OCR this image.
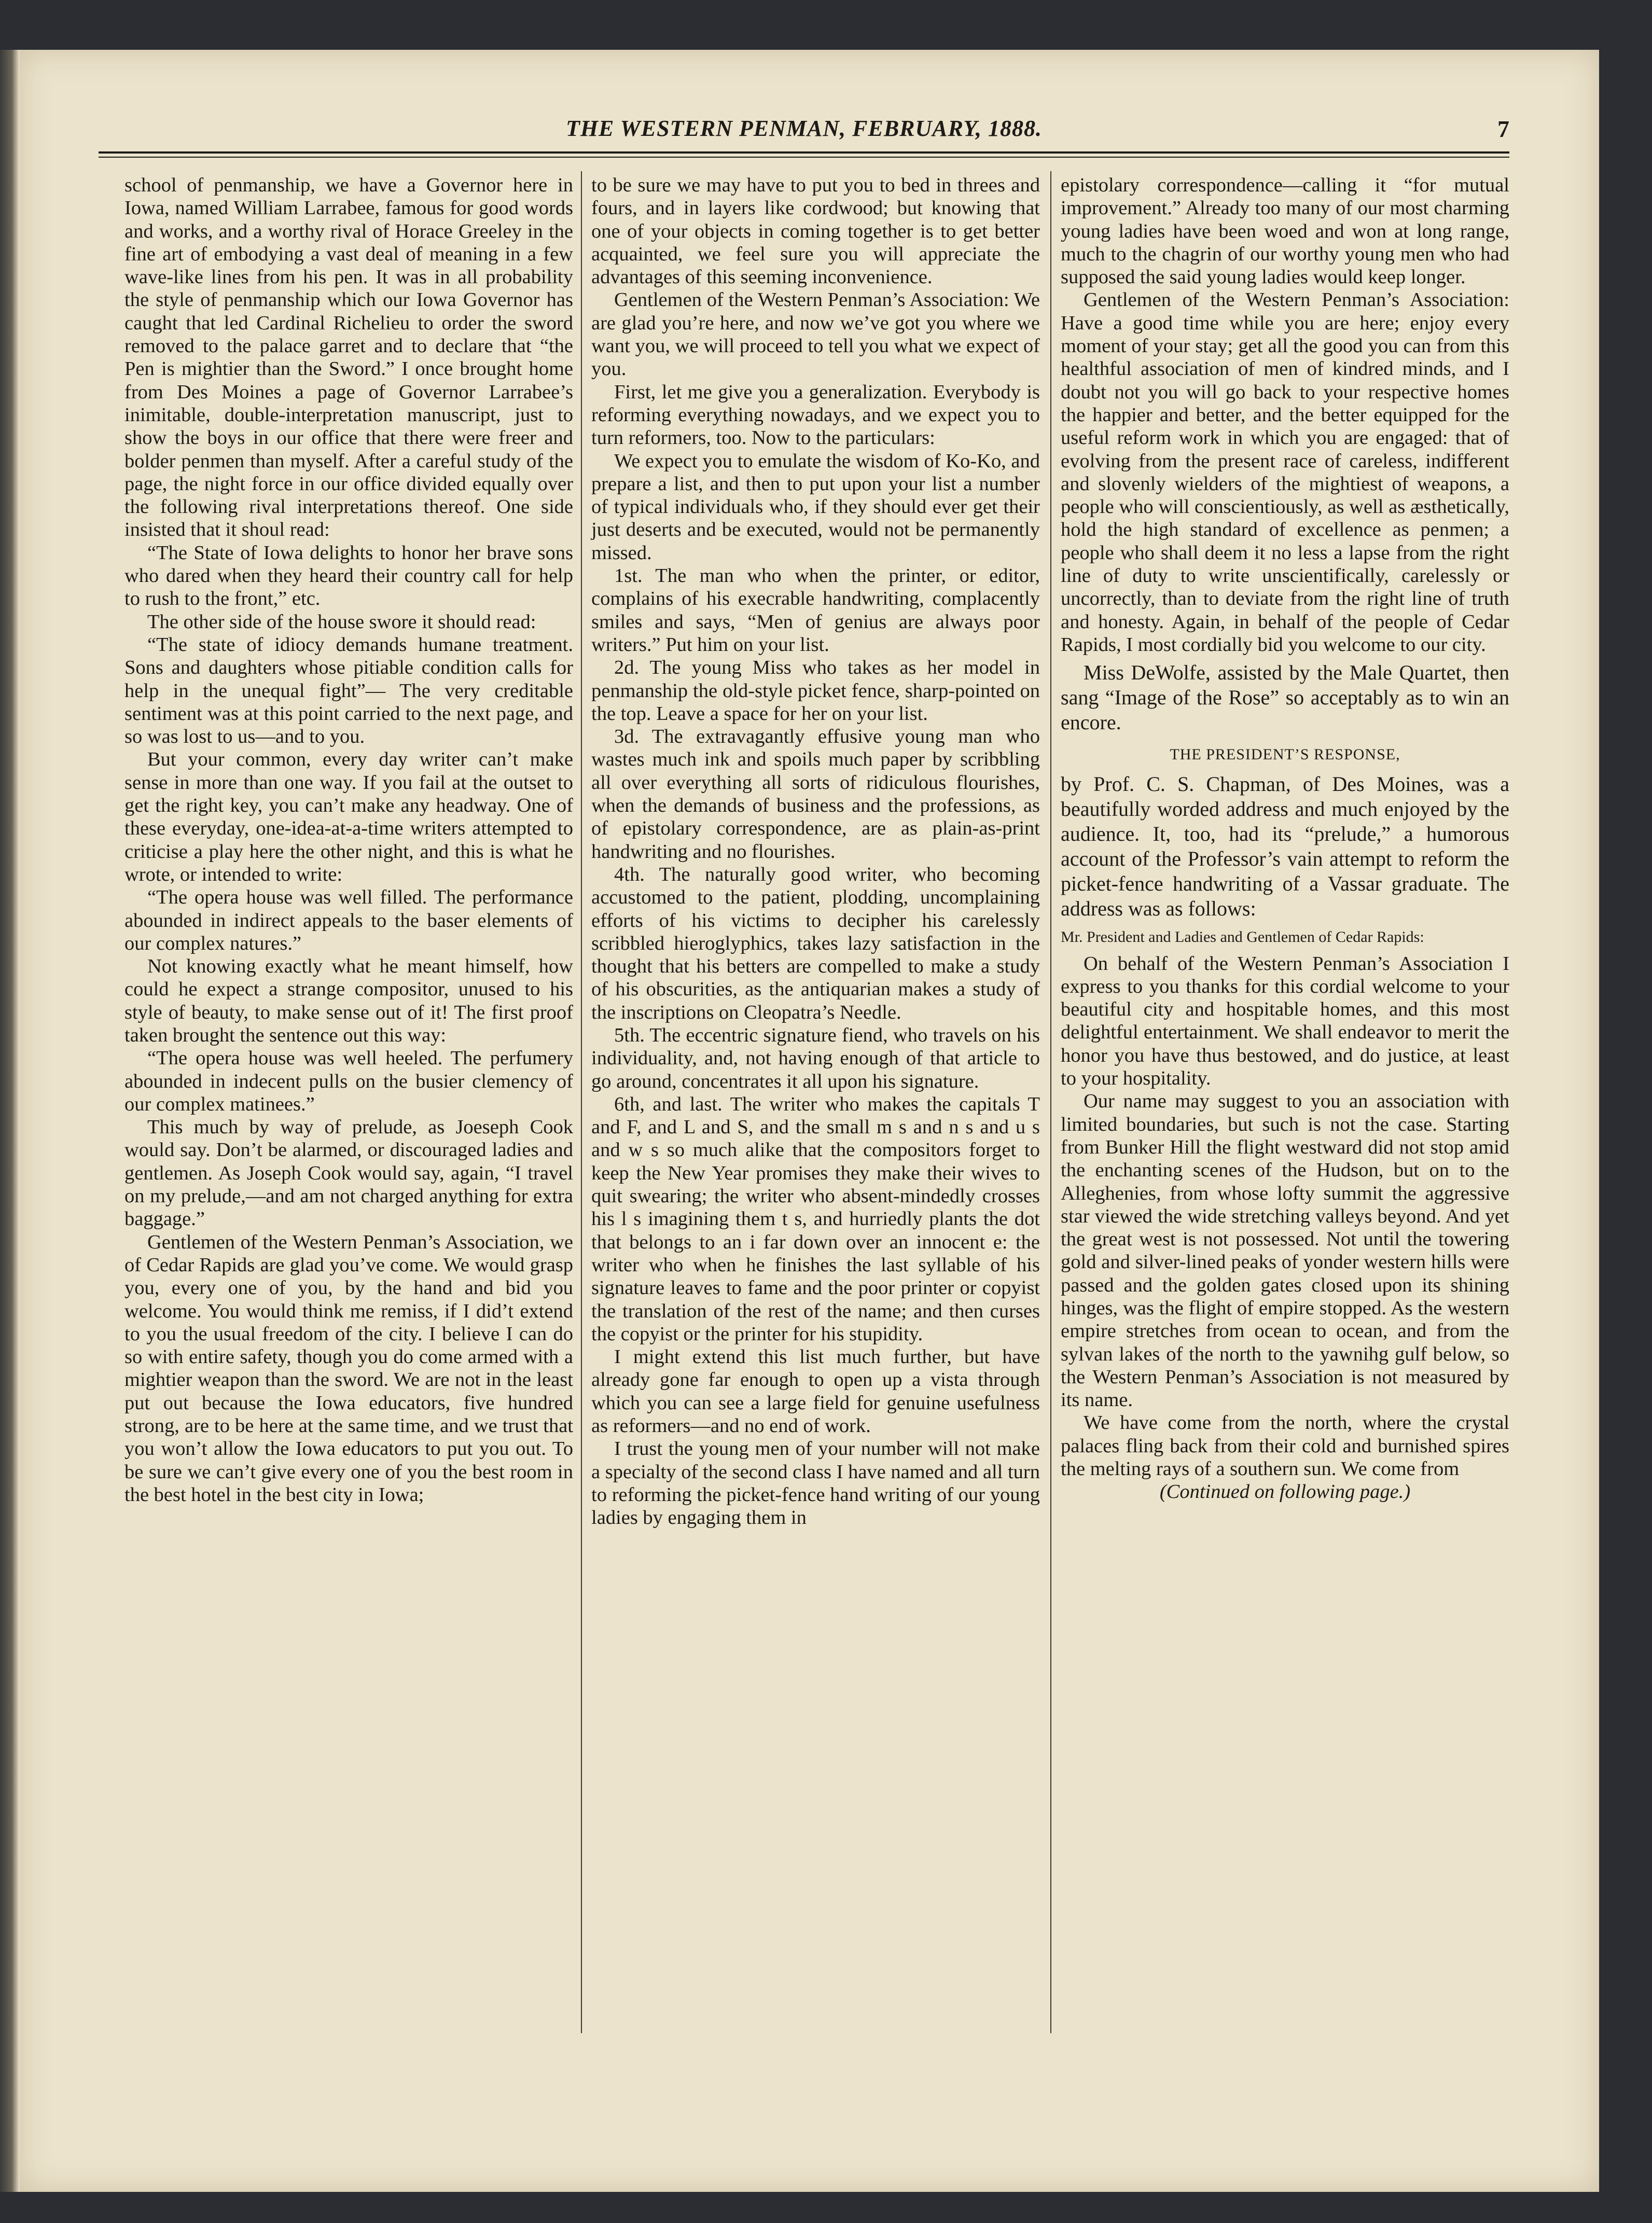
THE WESTERN PENMAN, FEBRUARY, 1888.	7

school of penmanship, we have a Governor here in Iowa, named William Larrabee, famous for good words and works, and a worthy rival of Horace Greeley in the fine art of embodying a vast deal of meaning in a few wave-like lines from his pen. It was in all probability the style of penmanship which our Iowa Governor has caught that led Cardinal Richelieu to order the sword removed to the palace garret and to declare that “the Pen is mightier than the Sword.” I once brought home from Des Moines a page of Governor Larrabee’s inimitable, double-interpretation manuscript, just to show the boys in our office that there were freer and bolder penmen than myself. After a careful study of the page, the night force in our office divided equally over the following rival interpretations thereof. One side insisted that it shoul read:

“The State of Iowa delights to honor her brave sons who dared when they heard their country call for help to rush to the front,” etc.

The other side of the house swore it should read:

“The state of idiocy demands humane treatment. Sons and daughters whose pitiable condition calls for help in the unequal fight”— The very creditable sentiment was at this point carried to the next page, and so was lost to us—and to you.

But your common, every day writer can’t make sense in more than one way. If you fail at the outset to get the right key, you can’t make any headway. One of these everyday, one-idea-at-a-time writers attempted to criticise a play here the other night, and this is what he wrote, or intended to write:

“The opera house was well filled. The performance abounded in indirect appeals to the baser elements of our complex natures.”

Not knowing exactly what he meant himself, how could he expect a strange compositor, unused to his style of beauty, to make sense out of it! The first proof taken brought the sentence out this way:

“The opera house was well heeled. The perfumery abounded in indecent pulls on the busier clemency of our complex matinees.”

This much by way of prelude, as Joeseph Cook would say. Don’t be alarmed, or discouraged ladies and gentlemen. As Joseph Cook would say, again, “I travel on my prelude,—and am not charged anything for extra baggage.”

Gentlemen of the Western Penman’s Association, we of Cedar Rapids are glad you’ve come. We would grasp you, every one of you, by the hand and bid you welcome. You would think me remiss, if I did’t extend to you the usual freedom of the city. I believe I can do so with entire safety, though you do come armed with a mightier weapon than the sword. We are not in the least put out because the Iowa educators, five hundred strong, are to be here at the same time, and we trust that you won’t allow the Iowa educators to put you out. To be sure we can’t give every one of you the best room in the best hotel in the best city in Iowa;

to be sure we may have to put you to bed in threes and fours, and in layers like cordwood; but knowing that one of your objects in coming together is to get better acquainted, we feel sure you will appreciate the advantages of this seeming inconvenience.

Gentlemen of the Western Penman’s Association: We are glad you’re here, and now we’ve got you where we want you, we will proceed to tell you what we expect of you.

First, let me give you a generalization. Everybody is reforming everything nowadays, and we expect you to turn reformers, too. Now to the particulars:

We expect you to emulate the wisdom of Ko-Ko, and prepare a list, and then to put upon your list a number of typical individuals who, if they should ever get their just deserts and be executed, would not be permanently missed.

1st. The man who when the printer, or editor, complains of his execrable handwriting, complacently smiles and says, “Men of genius are always poor writers.” Put him on your list.

2d. The young Miss who takes as her model in penmanship the old-style picket fence, sharp-pointed on the top. Leave a space for her on your list.

3d. The extravagantly effusive young man who wastes much ink and spoils much paper by scribbling all over everything all sorts of ridiculous flourishes, when the demands of business and the professions, as of epistolary correspondence, are as plain-as-print handwriting and no flourishes.

4th. The naturally good writer, who becoming accustomed to the patient, plodding, uncomplaining efforts of his victims to decipher his carelessly scribbled hieroglyphics, takes lazy satisfaction in the thought that his betters are compelled to make a study of his obscurities, as the antiquarian makes a study of the inscriptions on Cleopatra’s Needle.

5th. The eccentric signature fiend, who travels on his individuality, and, not having enough of that article to go around, concentrates it all upon his signature.

6th, and last. The writer who makes the capitals T and F, and L and S, and the small m s and n s and u s and w s so much alike that the compositors forget to keep the New Year promises they make their wives to quit swearing; the writer who absent-mindedly crosses his l s imagining them t s, and hurriedly plants the dot that belongs to an i far down over an innocent e: the writer who when he finishes the last syllable of his signature leaves to fame and the poor printer or copyist the translation of the rest of the name; and then curses the copyist or the printer for his stupidity.

I might extend this list much further, but have already gone far enough to open up a vista through which you can see a large field for genuine usefulness as reformers—and no end of work.

I trust the young men of your number will not make a specialty of the second class I have named and all turn to reforming the picket-fence hand writing of our young ladies by engaging them in

epistolary correspondence—calling it “for mutual improvement.” Already too many of our most charming young ladies have been woed and won at long range, much to the chagrin of our worthy young men who had supposed the said young ladies would keep longer.

Gentlemen of the Western Penman’s Association: Have a good time while you are here; enjoy every moment of your stay; get all the good you can from this healthful association of men of kindred minds, and I doubt not you will go back to your respective homes the happier and better, and the better equipped for the useful reform work in which you are engaged: that of evolving from the present race of careless, indifferent and slovenly wielders of the mightiest of weapons, a people who will conscientiously, as well as æsthetically, hold the high standard of excellence as penmen; a people who shall deem it no less a lapse from the right line of duty to write unscientifically, carelessly or uncorrectly, than to deviate from the right line of truth and honesty. Again, in behalf of the people of Cedar Rapids, I most cordially bid you welcome to our city.

Miss DeWolfe, assisted by the Male Quartet, then sang “Image of the Rose” so acceptably as to win an encore.

THE PRESIDENT’S RESPONSE,

by Prof. C. S. Chapman, of Des Moines, was a beautifully worded address and much enjoyed by the audience. It, too, had its “prelude,” a humorous account of the Professor’s vain attempt to reform the picket-fence handwriting of a Vassar graduate. The address was as follows:

Mr. President and Ladies and Gentlemen of Cedar Rapids:

On behalf of the Western Penman’s Association I express to you thanks for this cordial welcome to your beautiful city and hospitable homes, and this most delightful entertainment. We shall endeavor to merit the honor you have thus bestowed, and do justice, at least to your hospitality.

Our name may suggest to you an association with limited boundaries, but such is not the case. Starting from Bunker Hill the flight westward did not stop amid the enchanting scenes of the Hudson, but on to the Alleghenies, from whose lofty summit the aggressive star viewed the wide stretching valleys beyond. And yet the great west is not possessed. Not until the towering gold and silver-lined peaks of yonder western hills were passed and the golden gates closed upon its shining hinges, was the flight of empire stopped. As the western empire stretches from ocean to ocean, and from the sylvan lakes of the north to the yawnihg gulf below, so the Western Penman’s Association is not measured by its name.

We have come from the north, where the crystal palaces fling back from their cold and burnished spires the melting rays of a southern sun. We come from

(Continued on following page.)
